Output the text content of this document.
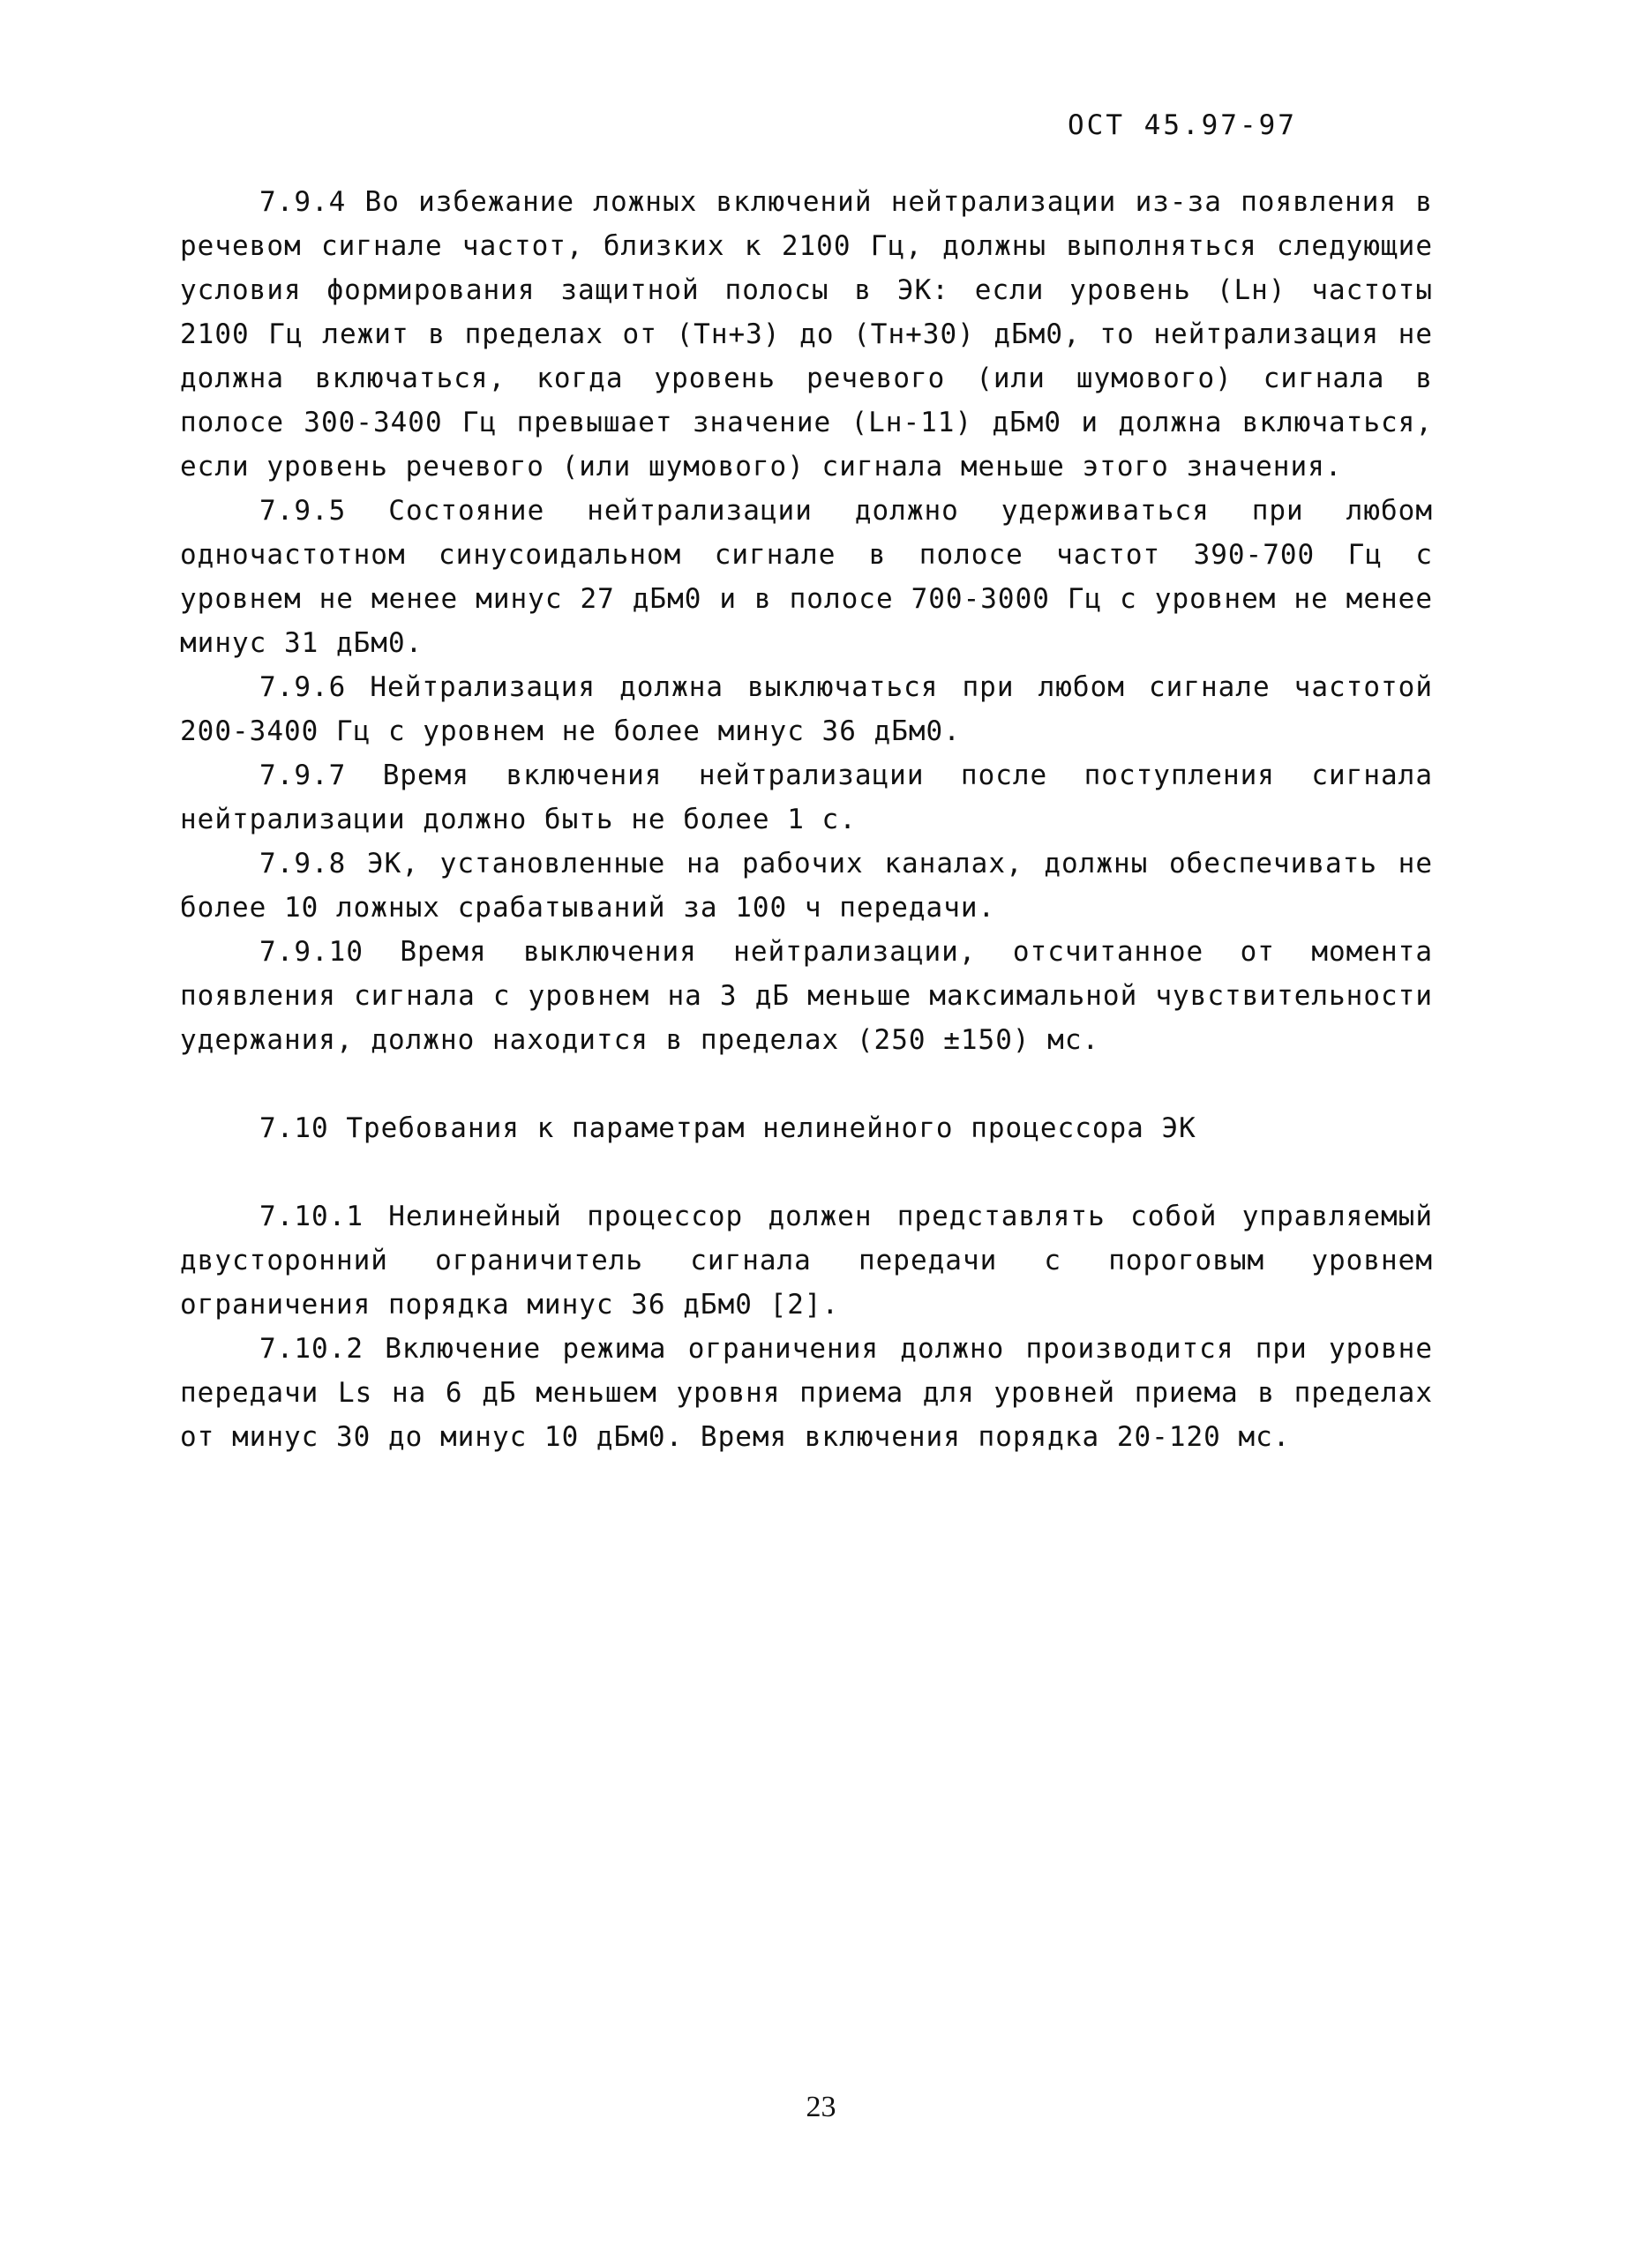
ОСТ 45.97-97

7.9.4 Во избежание ложных включений нейтрализации из-за появления в речевом сигнале частот, близких к 2100 Гц, должны выполняться следующие условия формирования защитной полосы в ЭК: если уровень (Lн) частоты 2100 Гц лежит в пределах от (Тн+3) до (Тн+30) дБм0, то нейтрализация не должна включаться, когда уровень речевого (или шумового) сигнала в полосе 300-3400 Гц превышает значение (Lн-11) дБм0 и должна включаться, если уровень речевого (или шумового) сигнала меньше этого значения.

7.9.5 Состояние нейтрализации должно удерживаться при любом одночастотном синусоидальном сигнале в полосе частот 390-700 Гц с уровнем не менее минус 27 дБм0 и в полосе 700-3000 Гц с уровнем не менее минус 31 дБм0.

7.9.6 Нейтрализация должна выключаться при любом сигнале частотой 200-3400 Гц с уровнем не более минус 36 дБм0.

7.9.7 Время включения нейтрализации после поступления сигнала нейтрализации должно быть не более 1 с.

7.9.8 ЭК, установленные на рабочих каналах, должны обеспечивать не более 10 ложных срабатываний за 100 ч передачи.

7.9.10 Время выключения нейтрализации, отсчитанное от момента появления сигнала с уровнем на 3 дБ меньше максимальной чувствительности удержания, должно находится в пределах (250 ±150) мс.

7.10 Требования к параметрам нелинейного процессора ЭК

7.10.1 Нелинейный процессор должен представлять собой управляемый двусторонний ограничитель сигнала передачи с пороговым уровнем ограничения порядка минус 36 дБм0 [2].

7.10.2 Включение режима ограничения должно производится при уровне передачи Ls на 6 дБ меньшем уровня приема для уровней приема в пределах от минус 30 до минус 10 дБм0. Время включения порядка 20-120 мс.

23
